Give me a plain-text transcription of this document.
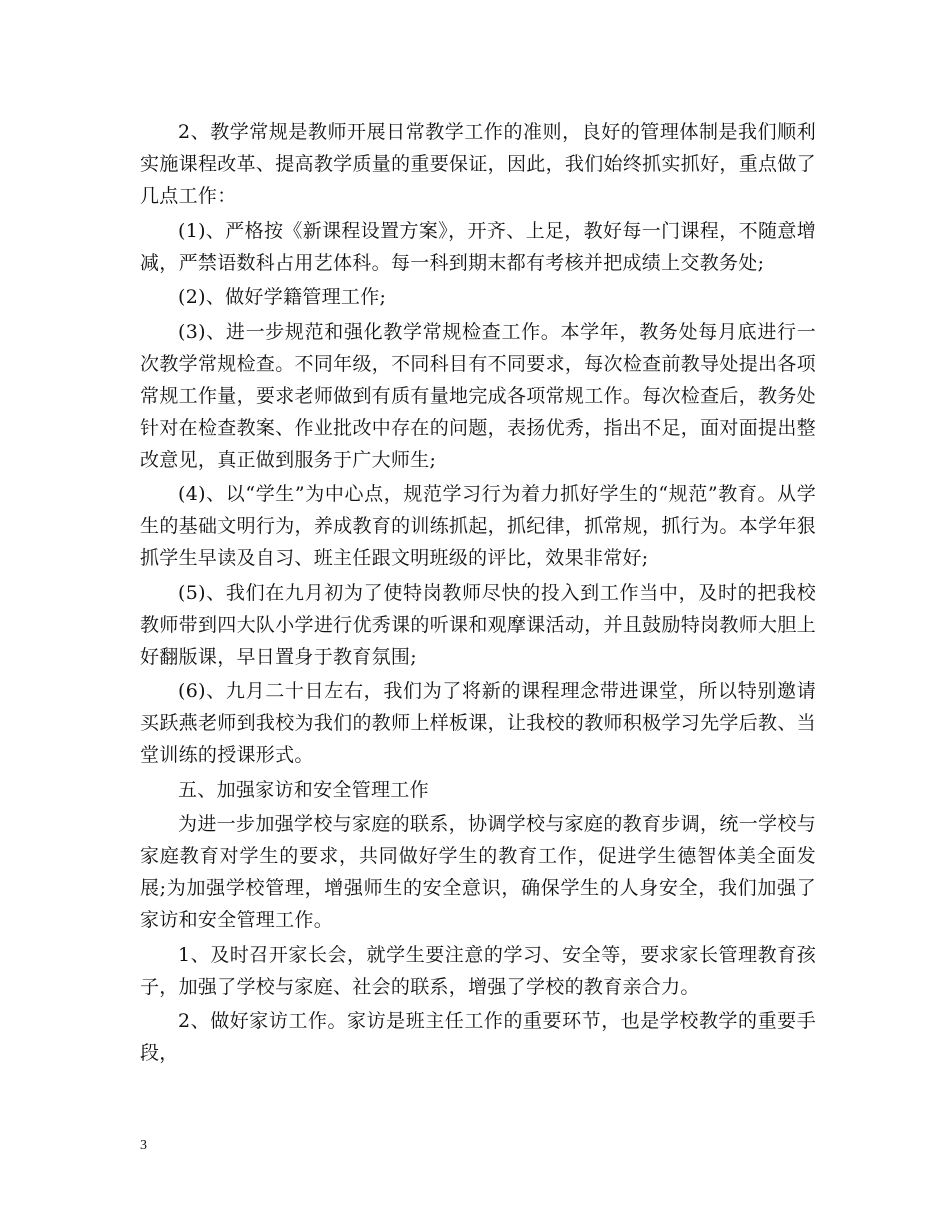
2、教学常规是教师开展日常教学工作的准则，良好的管理体制是我们顺利实施课程改革、提高教学质量的重要保证，因此，我们始终抓实抓好，重点做了几点工作：

(1)、严格按《新课程设置方案》，开齐、上足，教好每一门课程，不随意增减，严禁语数科占用艺体科。每一科到期末都有考核并把成绩上交教务处;

(2)、做好学籍管理工作;

(3)、进一步规范和强化教学常规检查工作。本学年，教务处每月底进行一次教学常规检查。不同年级，不同科目有不同要求，每次检查前教导处提出各项常规工作量，要求老师做到有质有量地完成各项常规工作。每次检查后，教务处针对在检查教案、作业批改中存在的问题，表扬优秀，指出不足，面对面提出整改意见，真正做到服务于广大师生;

(4)、以“学生”为中心点，规范学习行为着力抓好学生的“规范”教育。从学生的基础文明行为，养成教育的训练抓起，抓纪律，抓常规，抓行为。本学年狠抓学生早读及自习、班主任跟文明班级的评比，效果非常好;

(5)、我们在九月初为了使特岗教师尽快的投入到工作当中，及时的把我校教师带到四大队小学进行优秀课的听课和观摩课活动，并且鼓励特岗教师大胆上好翻版课，早日置身于教育氛围;

(6)、九月二十日左右，我们为了将新的课程理念带进课堂，所以特别邀请买跃燕老师到我校为我们的教师上样板课，让我校的教师积极学习先学后教、当堂训练的授课形式。

五、加强家访和安全管理工作

为进一步加强学校与家庭的联系，协调学校与家庭的教育步调，统一学校与家庭教育对学生的要求，共同做好学生的教育工作，促进学生德智体美全面发展;为加强学校管理，增强师生的安全意识，确保学生的人身安全，我们加强了家访和安全管理工作。

1、及时召开家长会，就学生要注意的学习、安全等，要求家长管理教育孩子，加强了学校与家庭、社会的联系，增强了学校的教育亲合力。

2、做好家访工作。家访是班主任工作的重要环节，也是学校教学的重要手段，

3
